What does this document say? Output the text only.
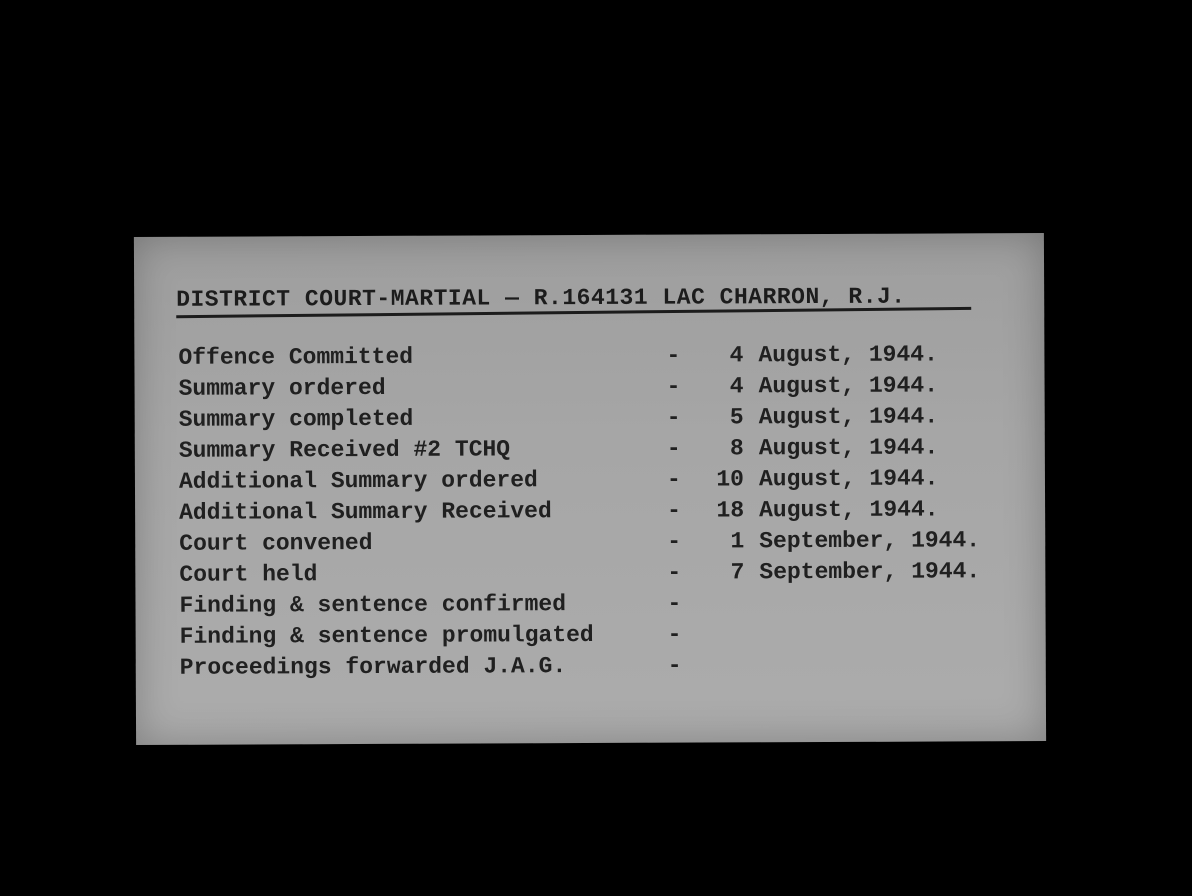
DISTRICT COURT-MARTIAL — R.164131 LAC CHARRON, R.J.
Offence Committed	-	4 August, 1944.
Summary ordered	-	4 August, 1944.
Summary completed	-	5 August, 1944.
Summary Received #2 TCHQ	-	8 August, 1944.
Additional Summary ordered	-	10 August, 1944.
Additional Summary Received	-	18 August, 1944.
Court convened	-	1 September, 1944.
Court held	-	7 September, 1944.
Finding & sentence confirmed	-
Finding & sentence promulgated	-
Proceedings forwarded J.A.G.	-
